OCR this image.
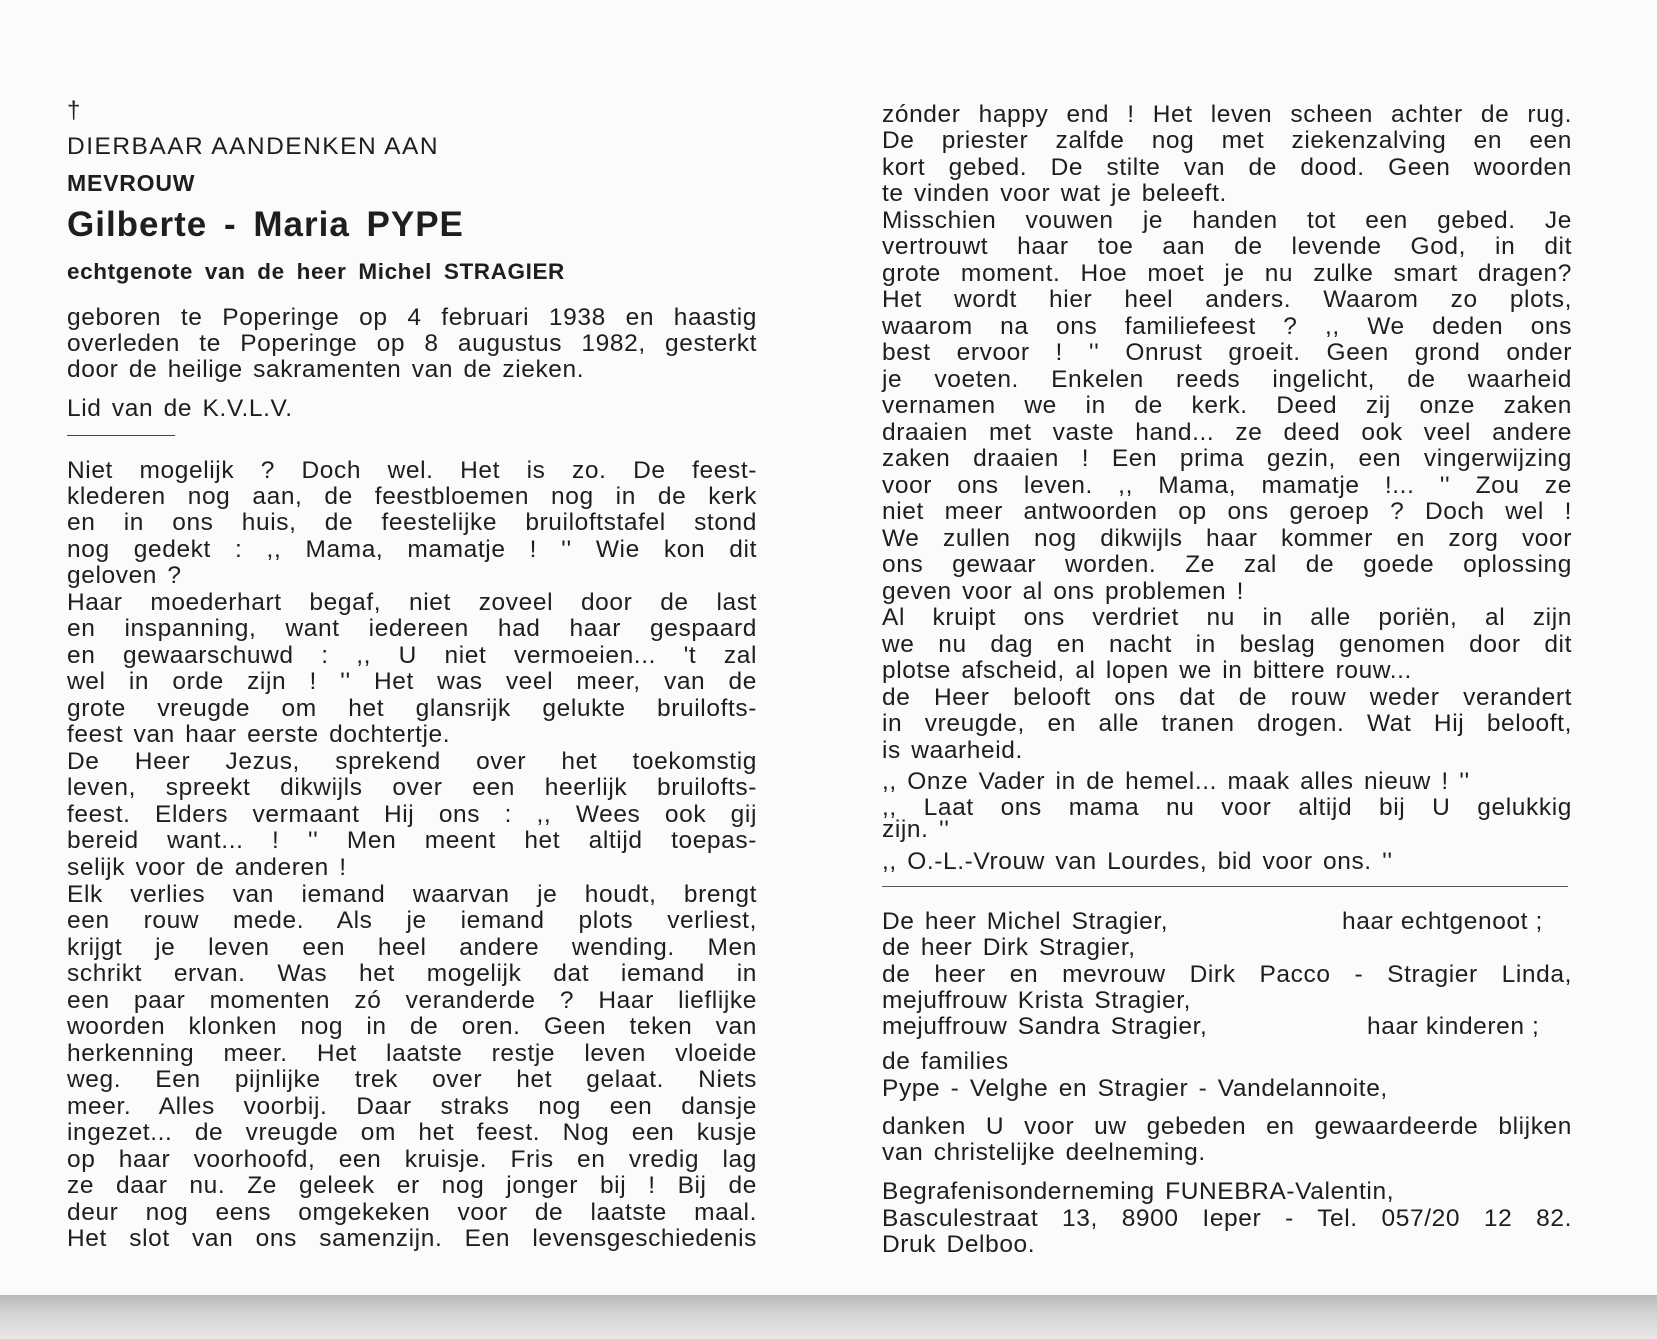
†
DIERBAAR AANDENKEN AAN
MEVROUW
Gilberte - Maria PYPE
echtgenote van de heer Michel STRAGIER
geboren te Poperinge op 4 februari 1938 en haastig
overleden te Poperinge op 8 augustus 1982, gesterkt
door de heilige sakramenten van de zieken.
Lid van de K.V.L.V.
Niet mogelijk ? Doch wel. Het is zo. De feest-
klederen nog aan, de feestbloemen nog in de kerk
en in ons huis, de feestelijke bruiloftstafel stond
nog gedekt : ,, Mama, mamatje ! '' Wie kon dit
geloven ?
Haar moederhart begaf, niet zoveel door de last
en inspanning, want iedereen had haar gespaard
en gewaarschuwd : ,, U niet vermoeien... 't zal
wel in orde zijn ! '' Het was veel meer, van de
grote vreugde om het glansrijk gelukte bruilofts-
feest van haar eerste dochtertje.
De Heer Jezus, sprekend over het toekomstig
leven, spreekt dikwijls over een heerlijk bruilofts-
feest. Elders vermaant Hij ons : ,, Wees ook gij
bereid want... ! '' Men meent het altijd toepas-
selijk voor de anderen !
Elk verlies van iemand waarvan je houdt, brengt
een rouw mede. Als je iemand plots verliest,
krijgt je leven een heel andere wending. Men
schrikt ervan. Was het mogelijk dat iemand in
een paar momenten zó veranderde ? Haar lieflijke
woorden klonken nog in de oren. Geen teken van
herkenning meer. Het laatste restje leven vloeide
weg. Een pijnlijke trek over het gelaat. Niets
meer. Alles voorbij. Daar straks nog een dansje
ingezet... de vreugde om het feest. Nog een kusje
op haar voorhoofd, een kruisje. Fris en vredig lag
ze daar nu. Ze geleek er nog jonger bij ! Bij de
deur nog eens omgekeken voor de laatste maal.
Het slot van ons samenzijn. Een levensgeschiedenis
zónder happy end ! Het leven scheen achter de rug.
De priester zalfde nog met ziekenzalving en een
kort gebed. De stilte van de dood. Geen woorden
te vinden voor wat je beleeft.
Misschien vouwen je handen tot een gebed. Je
vertrouwt haar toe aan de levende God, in dit
grote moment. Hoe moet je nu zulke smart dragen?
Het wordt hier heel anders. Waarom zo plots,
waarom na ons familiefeest ? ,, We deden ons
best ervoor ! '' Onrust groeit. Geen grond onder
je voeten. Enkelen reeds ingelicht, de waarheid
vernamen we in de kerk. Deed zij onze zaken
draaien met vaste hand... ze deed ook veel andere
zaken draaien ! Een prima gezin, een vingerwijzing
voor ons leven. ,, Mama, mamatje !... '' Zou ze
niet meer antwoorden op ons geroep ? Doch wel !
We zullen nog dikwijls haar kommer en zorg voor
ons gewaar worden. Ze zal de goede oplossing
geven voor al ons problemen !
Al kruipt ons verdriet nu in alle poriën, al zijn
we nu dag en nacht in beslag genomen door dit
plotse afscheid, al lopen we in bittere rouw...
de Heer belooft ons dat de rouw weder verandert
in vreugde, en alle tranen drogen. Wat Hij belooft,
is waarheid.
,, Onze Vader in de hemel... maak alles nieuw ! ''
,, Laat ons mama nu voor altijd bij U gelukkig
zijn. ''
,, O.-L.-Vrouw van Lourdes, bid voor ons. ''
De heer Michel Stragier,	haar echtgenoot ;
de heer Dirk Stragier,
de heer en mevrouw Dirk Pacco - Stragier Linda,
mejuffrouw Krista Stragier,
mejuffrouw Sandra Stragier,	haar kinderen ;
de families
Pype - Velghe en Stragier - Vandelannoite,
danken U voor uw gebeden en gewaardeerde blijken
van christelijke deelneming.
Begrafenisonderneming FUNEBRA-Valentin,
Basculestraat 13, 8900 Ieper - Tel. 057/20 12 82.
Druk Delboo.
